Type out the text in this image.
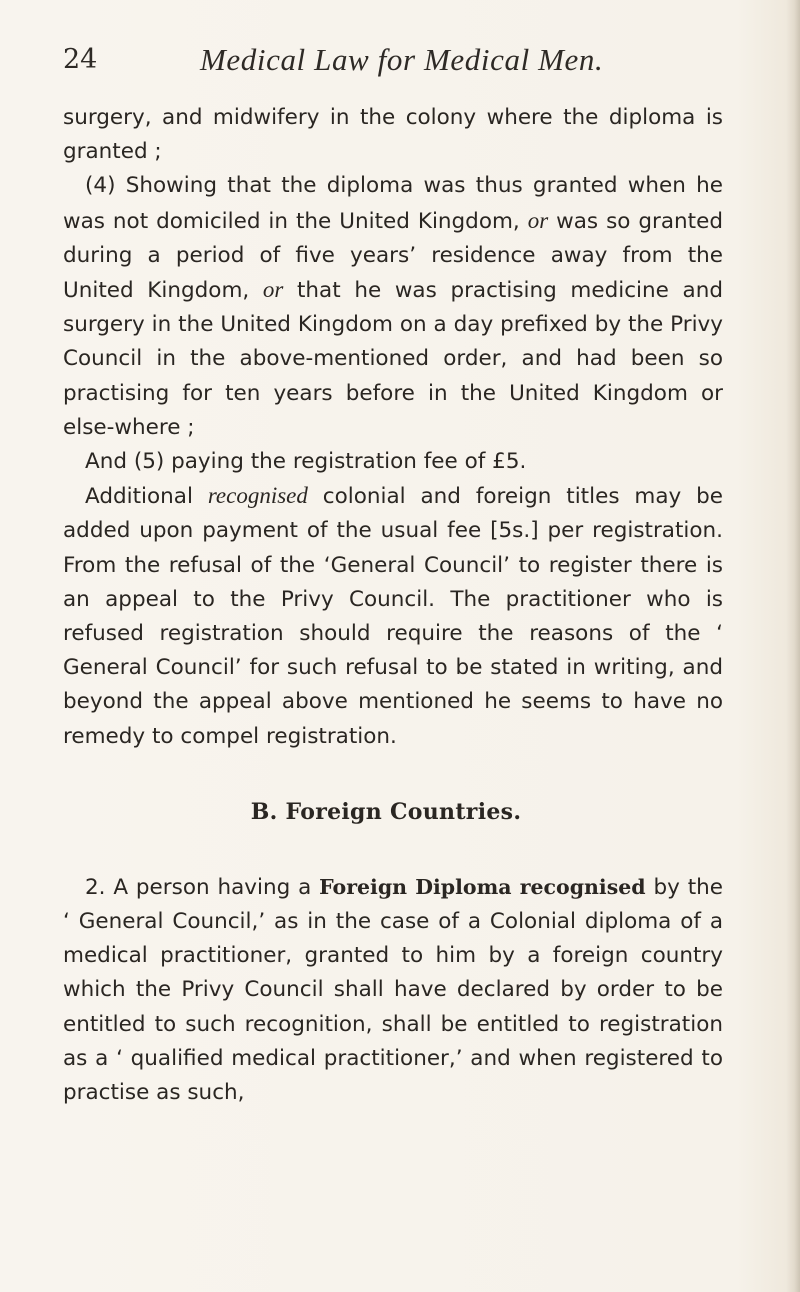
24	Medical Law for Medical Men.

surgery, and midwifery in the colony where the diploma is granted ;

(4) Showing that the diploma was thus granted when he was not domiciled in the United Kingdom, or was so granted during a period of five years’ residence away from the United Kingdom, or that he was practising medicine and surgery in the United Kingdom on a day prefixed by the Privy Council in the above-mentioned order, and had been so practising for ten years before in the United Kingdom or else-where ;

And (5) paying the registration fee of £5.

Additional recognised colonial and foreign titles may be added upon payment of the usual fee [5s.] per registration. From the refusal of the ‘General Council’ to register there is an appeal to the Privy Council. The practitioner who is refused registration should require the reasons of the ‘ General Council’ for such refusal to be stated in writing, and beyond the appeal above mentioned he seems to have no remedy to compel registration.

B. Foreign Countries.

2. A person having a Foreign Diploma recognised by the ‘ General Council,’ as in the case of a Colonial diploma of a medical practitioner, granted to him by a foreign country which the Privy Council shall have declared by order to be entitled to such recognition, shall be entitled to registration as a ‘ qualified medical practitioner,’ and when registered to practise as such,
